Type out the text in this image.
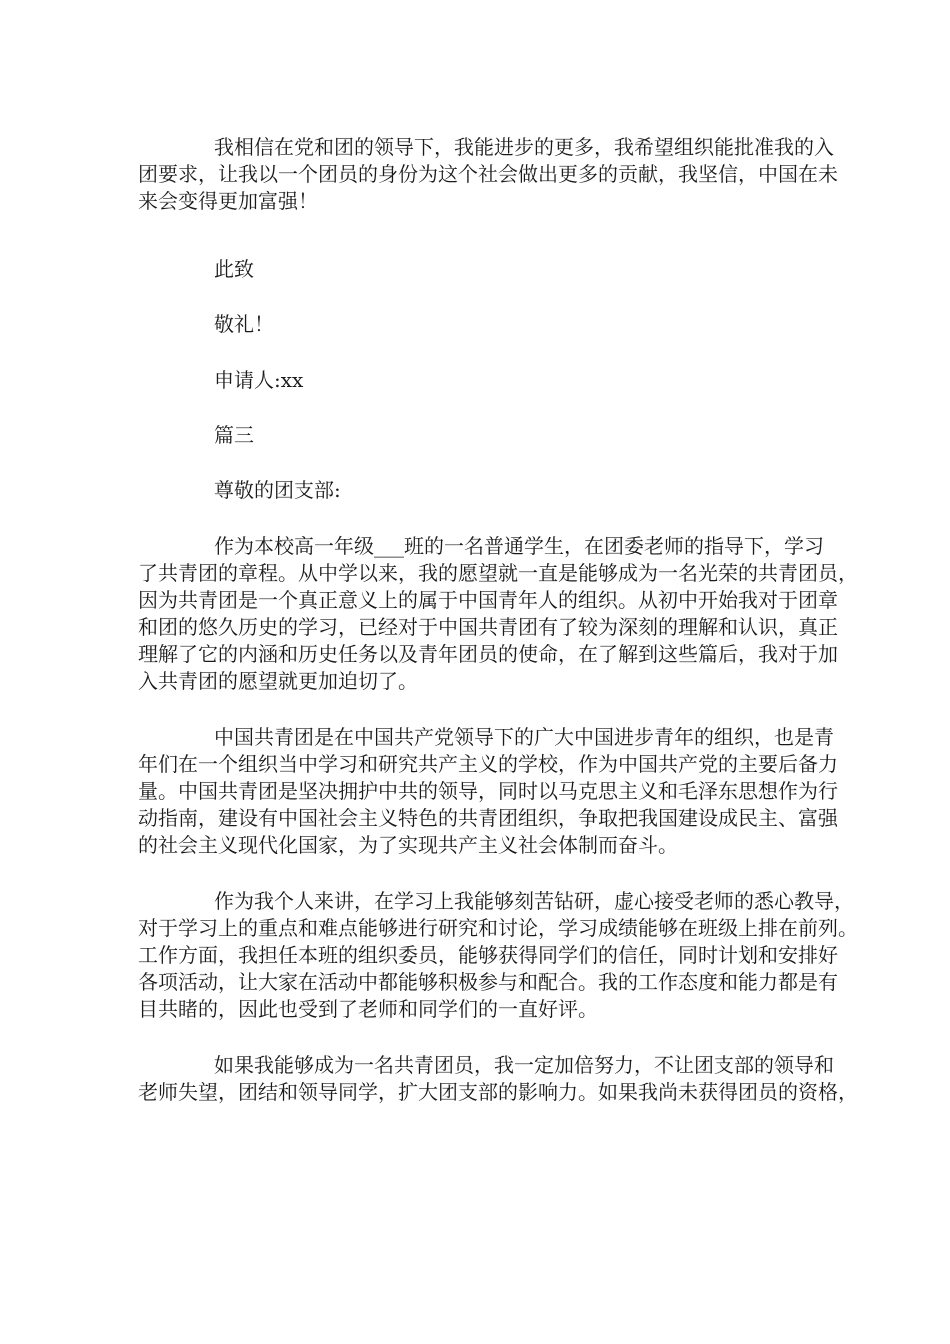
我相信在党和团的领导下，我能进步的更多，我希望组织能批准我的入

团要求，让我以一个团员的身份为这个社会做出更多的贡献，我坚信，中国在未

来会变得更加富强！

此致

敬礼！

申请人:xx

篇三

尊敬的团支部:

作为本校高一年级___班的一名普通学生，在团委老师的指导下，学习

了共青团的章程。从中学以来，我的愿望就一直是能够成为一名光荣的共青团员，

因为共青团是一个真正意义上的属于中国青年人的组织。从初中开始我对于团章

和团的悠久历史的学习，已经对于中国共青团有了较为深刻的理解和认识，真正

理解了它的内涵和历史任务以及青年团员的使命，在了解到这些篇后，我对于加

入共青团的愿望就更加迫切了。

中国共青团是在中国共产党领导下的广大中国进步青年的组织，也是青

年们在一个组织当中学习和研究共产主义的学校，作为中国共产党的主要后备力

量。中国共青团是坚决拥护中共的领导，同时以马克思主义和毛泽东思想作为行

动指南，建设有中国社会主义特色的共青团组织，争取把我国建设成民主、富强

的社会主义现代化国家，为了实现共产主义社会体制而奋斗。

作为我个人来讲，在学习上我能够刻苦钻研，虚心接受老师的悉心教导，

对于学习上的重点和难点能够进行研究和讨论，学习成绩能够在班级上排在前列。

工作方面，我担任本班的组织委员，能够获得同学们的信任，同时计划和安排好

各项活动，让大家在活动中都能够积极参与和配合。我的工作态度和能力都是有

目共睹的，因此也受到了老师和同学们的一直好评。

如果我能够成为一名共青团员，我一定加倍努力，不让团支部的领导和

老师失望，团结和领导同学，扩大团支部的影响力。如果我尚未获得团员的资格，
